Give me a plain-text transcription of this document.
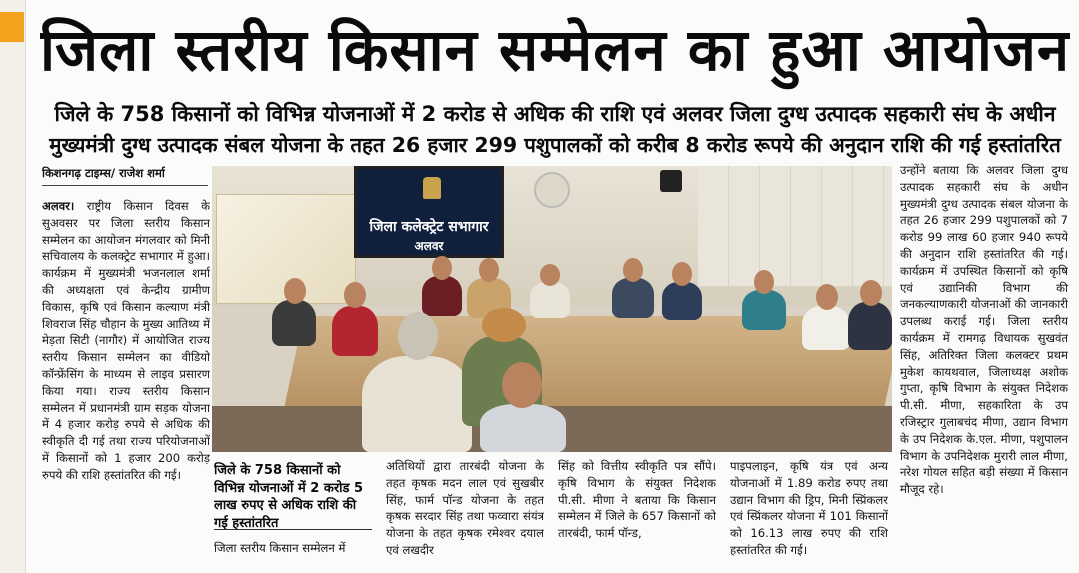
जिला स्तरीय किसान सम्मेलन का हुआ आयोजन
जिले के 758 किसानों को विभिन्न योजनाओं में 2 करोड से अधिक की राशि एवं अलवर जिला दुग्ध उत्पादक सहकारी संघ के अधीन
मुख्यमंत्री दुग्ध उत्पादक संबल योजना के तहत 26 हजार 299 पशुपालकों को करीब 8 करोड रूपये की अनुदान राशि की गई हस्तांतरित
किशनगढ़ टाइम्स/ राजेश शर्मा
अलवर। राष्ट्रीय किसान दिवस के सुअवसर पर जिला स्तरीय किसान सम्मेलन का आयोजन मंगलवार को मिनी सचिवालय के कलक्ट्रेट सभागार में हुआ। कार्यक्रम में मुख्यमंत्री भजनलाल शर्मा की अध्यक्षता एवं केन्द्रीय ग्रामीण विकास, कृषि एवं किसान कल्याण मंत्री शिवराज सिंह चौहान के मुख्य आतिथ्य में मेड़ता सिटी (नागौर) में आयोजित राज्य स्तरीय किसान सम्मेलन का वीडियो कॉन्फ्रेंसिंग के माध्यम से लाइव प्रसारण किया गया। राज्य स्तरीय किसान सम्मेलन में प्रधानमंत्री ग्राम सड़क योजना में 4 हजार करोड़ रुपये से अधिक की स्वीकृति दी गई तथा राज्य परियोजनाओं में किसानों को 1 हजार 200 करोड़ रुपये की राशि हस्तांतरित की गई।
जिला कलेक्ट्रेट सभागार
अलवर
जिले के 758 किसानों को विभिन्न योजनाओं में 2 करोड 5 लाख रुपए से अधिक राशि की गई हस्तांतरित
जिला स्तरीय किसान सम्मेलन में
अतिथियों द्वारा तारबंदी योजना के तहत कृषक मदन लाल एवं सुखबीर सिंह, फार्म पॉन्ड योजना के तहत कृषक सरदार सिंह तथा फव्वारा संयंत्र योजना के तहत कृषक रमेश्वर दयाल एवं लखदीर
सिंह को वित्तीय स्वीकृति पत्र सौंपे। कृषि विभाग के संयुक्त निदेशक पी.सी. मीणा ने बताया कि किसान सम्मेलन में जिले के 657 किसानों को तारबंदी, फार्म पॉन्ड,
पाइपलाइन, कृषि यंत्र एवं अन्य योजनाओं में 1.89 करोड रुपए तथा उद्यान विभाग की ड्रिप, मिनी स्प्रिंकलर एवं स्प्रिंकलर योजना में 101 किसानों को 16.13 लाख रुपए की राशि हस्तांतरित की गई।
उन्होंने बताया कि अलवर जिला दुग्ध उत्पादक सहकारी संघ के अधीन मुख्यमंत्री दुग्ध उत्पादक संबल योजना के तहत 26 हजार 299 पशुपालकों को 7 करोड 99 लाख 60 हजार 940 रूपये की अनुदान राशि हस्तांतरित की गई। कार्यक्रम में उपस्थित किसानों को कृषि एवं उद्यानिकी विभाग की जनकल्याणकारी योजनाओं की जानकारी उपलब्ध कराई गई। जिला स्तरीय कार्यक्रम में रामगढ़ विधायक सुखवंत सिंह, अतिरिक्त जिला कलक्टर प्रथम मुकेश कायथवाल, जिलाध्यक्ष अशोक गुप्ता, कृषि विभाग के संयुक्त निदेशक पी.सी. मीणा, सहकारिता के उप रजिस्ट्रार गुलाबचंद मीणा, उद्यान विभाग के उप निदेशक के.एल. मीणा, पशुपालन विभाग के उपनिदेशक मुरारी लाल मीणा, नरेश गोयल सहित बड़ी संख्या में किसान मौजूद रहे।
